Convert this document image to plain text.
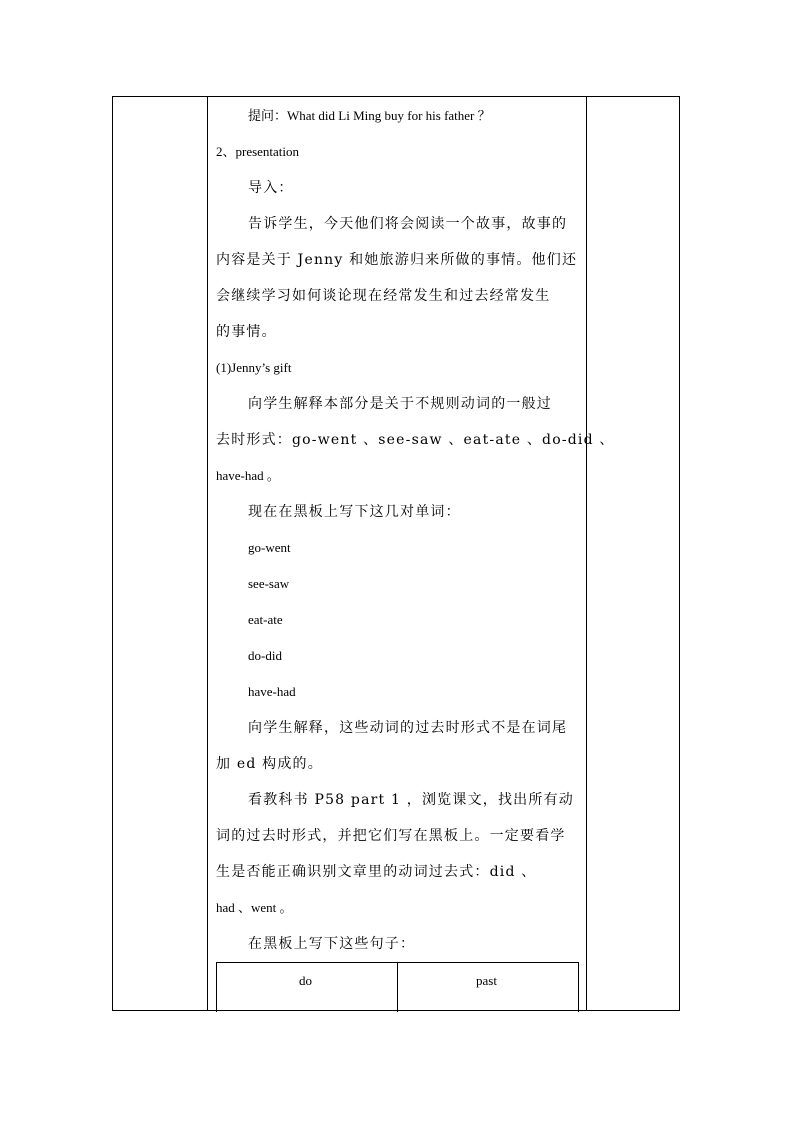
提问：What did Li Ming buy for his father ？
2、presentation
导入：
告诉学生，今天他们将会阅读一个故事，故事的
内容是关于 Jenny 和她旅游归来所做的事情。他们还
会继续学习如何谈论现在经常发生和过去经常发生
的事情。
(1)Jenny’s gift
向学生解释本部分是关于不规则动词的一般过
去时形式：go-went 、see-saw 、eat-ate 、do-did 、
have-had 。
现在在黑板上写下这几对单词：
go-went
see-saw
eat-ate
do-did
have-had
向学生解释，这些动词的过去时形式不是在词尾
加 ed 构成的。
看教科书 P58 part 1 ，浏览课文，找出所有动
词的过去时形式，并把它们写在黑板上。一定要看学
生是否能正确识别文章里的动词过去式：did 、
had 、went 。
在黑板上写下这些句子：
do	past
